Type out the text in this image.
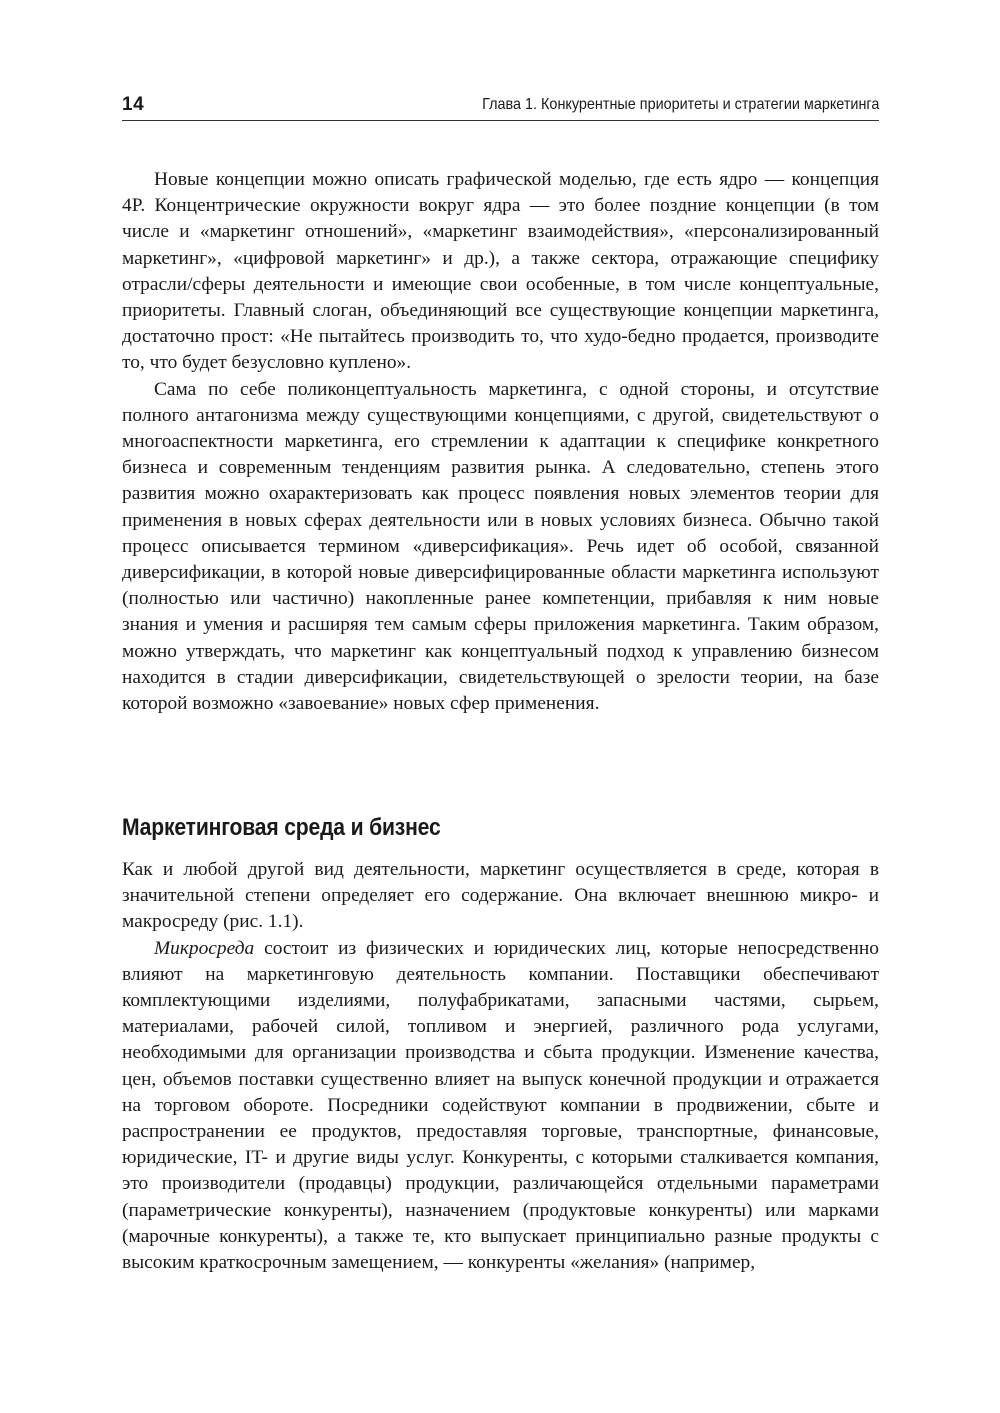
14	Глава 1. Конкурентные приоритеты и стратегии маркетинга

Новые концепции можно описать графической моделью, где есть ядро — концепция 4P. Концентрические окружности вокруг ядра — это более поздние концепции (в том числе и «маркетинг отношений», «маркетинг взаимодействия», «персонализированный маркетинг», «цифровой маркетинг» и др.), а также сектора, отражающие специфику отрасли/сферы деятельности и имеющие свои особенные, в том числе концептуальные, приоритеты. Главный слоган, объединяющий все существующие концепции маркетинга, достаточно прост: «Не пытайтесь производить то, что худо-бедно продается, производите то, что будет безусловно куплено».

Сама по себе поликонцептуальность маркетинга, с одной стороны, и отсутствие полного антагонизма между существующими концепциями, с другой, свидетельствуют о многоаспектности маркетинга, его стремлении к адаптации к специфике конкретного бизнеса и современным тенденциям развития рынка. А следовательно, степень этого развития можно охарактеризовать как процесс появления новых элементов теории для применения в новых сферах деятельности или в новых условиях бизнеса. Обычно такой процесс описывается термином «диверсификация». Речь идет об особой, связанной диверсификации, в которой новые диверсифицированные области маркетинга используют (полностью или частично) накопленные ранее компетенции, прибавляя к ним новые знания и умения и расширяя тем самым сферы приложения маркетинга. Таким образом, можно утверждать, что маркетинг как концептуальный подход к управлению бизнесом находится в стадии диверсификации, свидетельствующей о зрелости теории, на базе которой возможно «завоевание» новых сфер применения.

Маркетинговая среда и бизнес

Как и любой другой вид деятельности, маркетинг осуществляется в среде, которая в значительной степени определяет его содержание. Она включает внешнюю микро- и макросреду (рис. 1.1).

Микросреда состоит из физических и юридических лиц, которые непосредственно влияют на маркетинговую деятельность компании. Поставщики обеспечивают комплектующими изделиями, полуфабрикатами, запасными частями, сырьем, материалами, рабочей силой, топливом и энергией, различного рода услугами, необходимыми для организации производства и сбыта продукции. Изменение качества, цен, объемов поставки существенно влияет на выпуск конечной продукции и отражается на торговом обороте. Посредники содействуют компании в продвижении, сбыте и распространении ее продуктов, предоставляя торговые, транспортные, финансовые, юридические, IT- и другие виды услуг. Конкуренты, с которыми сталкивается компания, это производители (продавцы) продукции, различающейся отдельными параметрами (параметрические конкуренты), назначением (продуктовые конкуренты) или марками (марочные конкуренты), а также те, кто выпускает принципиально разные продукты с высоким краткосрочным замещением, — конкуренты «желания» (например,
